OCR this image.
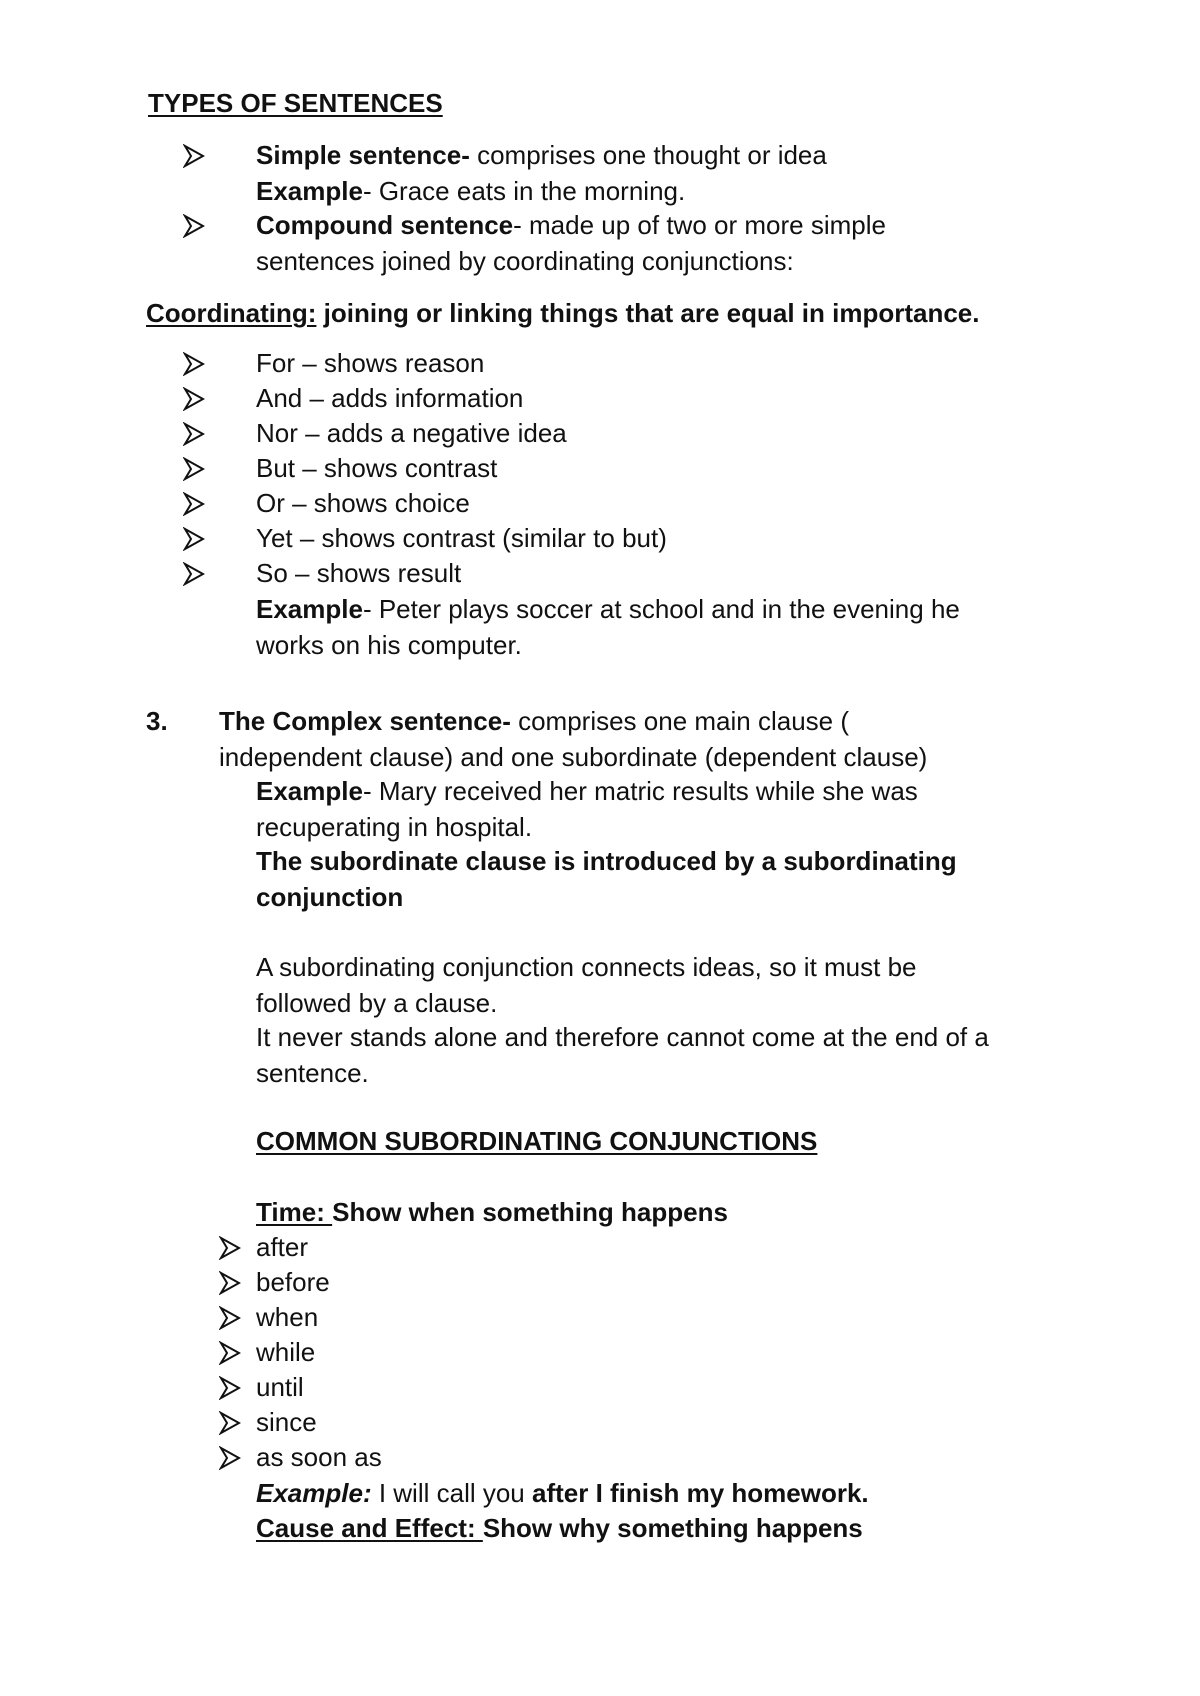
TYPES OF SENTENCES
Simple sentence- comprises one thought or idea
Example- Grace eats in the morning.
Compound sentence- made up of two or more simple
sentences joined by coordinating conjunctions:
Coordinating: joining or linking things that are equal in importance.
For – shows reason
And – adds information
Nor – adds a negative idea
But – shows contrast
Or – shows choice
Yet – shows contrast (similar to but)
So – shows result
Example- Peter plays soccer at school and in the evening he
works on his computer.
3. The Complex sentence- comprises one main clause (
independent clause) and one subordinate (dependent clause)
Example- Mary received her matric results while she was
recuperating in hospital.
The subordinate clause is introduced by a subordinating
conjunction
A subordinating conjunction connects ideas, so it must be
followed by a clause.
It never stands alone and therefore cannot come at the end of a
sentence.
COMMON SUBORDINATING CONJUNCTIONS
Time: Show when something happens
after
before
when
while
until
since
as soon as
Example: I will call you after I finish my homework.
Cause and Effect: Show why something happens
